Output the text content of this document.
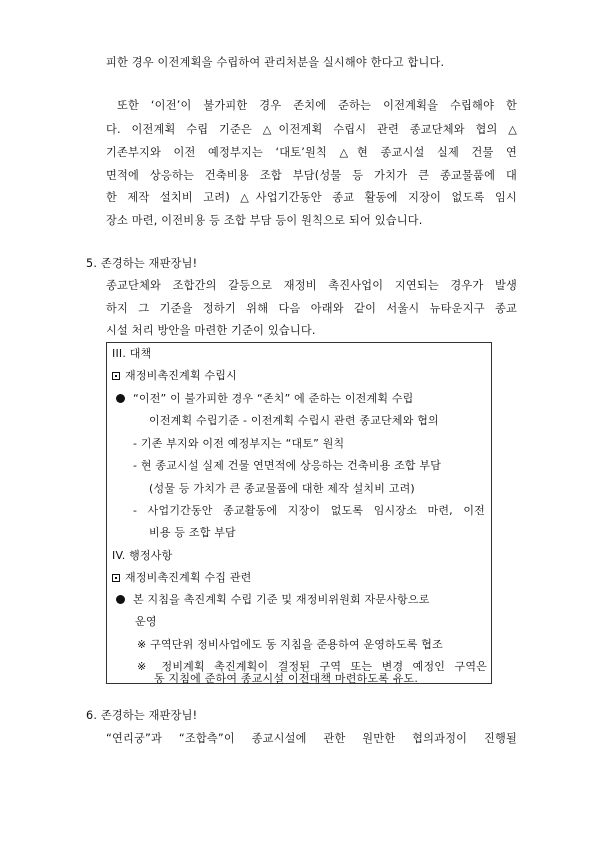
피한 경우 이전계획을 수립하여 관리처분을 실시해야 한다고 합니다.
또한 ‘이전’이 불가피한 경우 존치에 준하는 이전계획을 수립해야 한
다. 이전계획 수립 기준은 △이전계획 수립시 관련 종교단체와 협의 △
기존부지와 이전 예정부지는 ‘대토’원칙 △현 종교시설 실제 건물 연
면적에 상응하는 건축비용 조합 부담(성물 등 가치가 큰 종교물품에 대
한 제작 설치비 고려) △사업기간동안 종교 활동에 지장이 없도록 임시
장소 마련, 이전비용 등 조합 부담 등이 원칙으로 되어 있습니다.
5. 존경하는 재판장님!
종교단체와 조합간의 갈등으로 재정비 촉진사업이 지연되는 경우가 발생
하지 그 기준을 정하기 위해 다음 아래와 같이 서울시 뉴타운지구 종교
시설 처리 방안을 마련한 기준이 있습니다.
III. 대책
재정비촉진계획 수립시
“이전” 이 불가피한 경우 “존치” 에 준하는 이전계획 수립
이전계획 수립기준 - 이전계획 수립시 관련 종교단체와 협의
- 기존 부지와 이전 예정부지는 “대토” 원칙
- 현 종교시설 실제 건물 연면적에 상응하는 건축비용 조합 부담
(성물 등 가치가 큰 종교물품에 대한 제작 설치비 고려)
- 사업기간동안 종교활동에 지장이 없도록 임시장소 마련, 이전
비용 등 조합 부담
IV. 행정사항
재정비촉진계획 수집 관련
본 지침을 촉진계획 수립 기준 및 재정비위원회 자문사항으로
운영
※ 구역단위 정비사업에도 동 지침을 준용하여 운영하도록 협조
※ 정비계획 촉진계획이 결정된 구역 또는 변경 예정인 구역은
동 지침에 준하여 종교시설 이전대책 마련하도록 유도.
6. 존경하는 재판장님!
“연리궁”과 “조합측”이 종교시설에 관한 원만한 협의과정이 진행될
